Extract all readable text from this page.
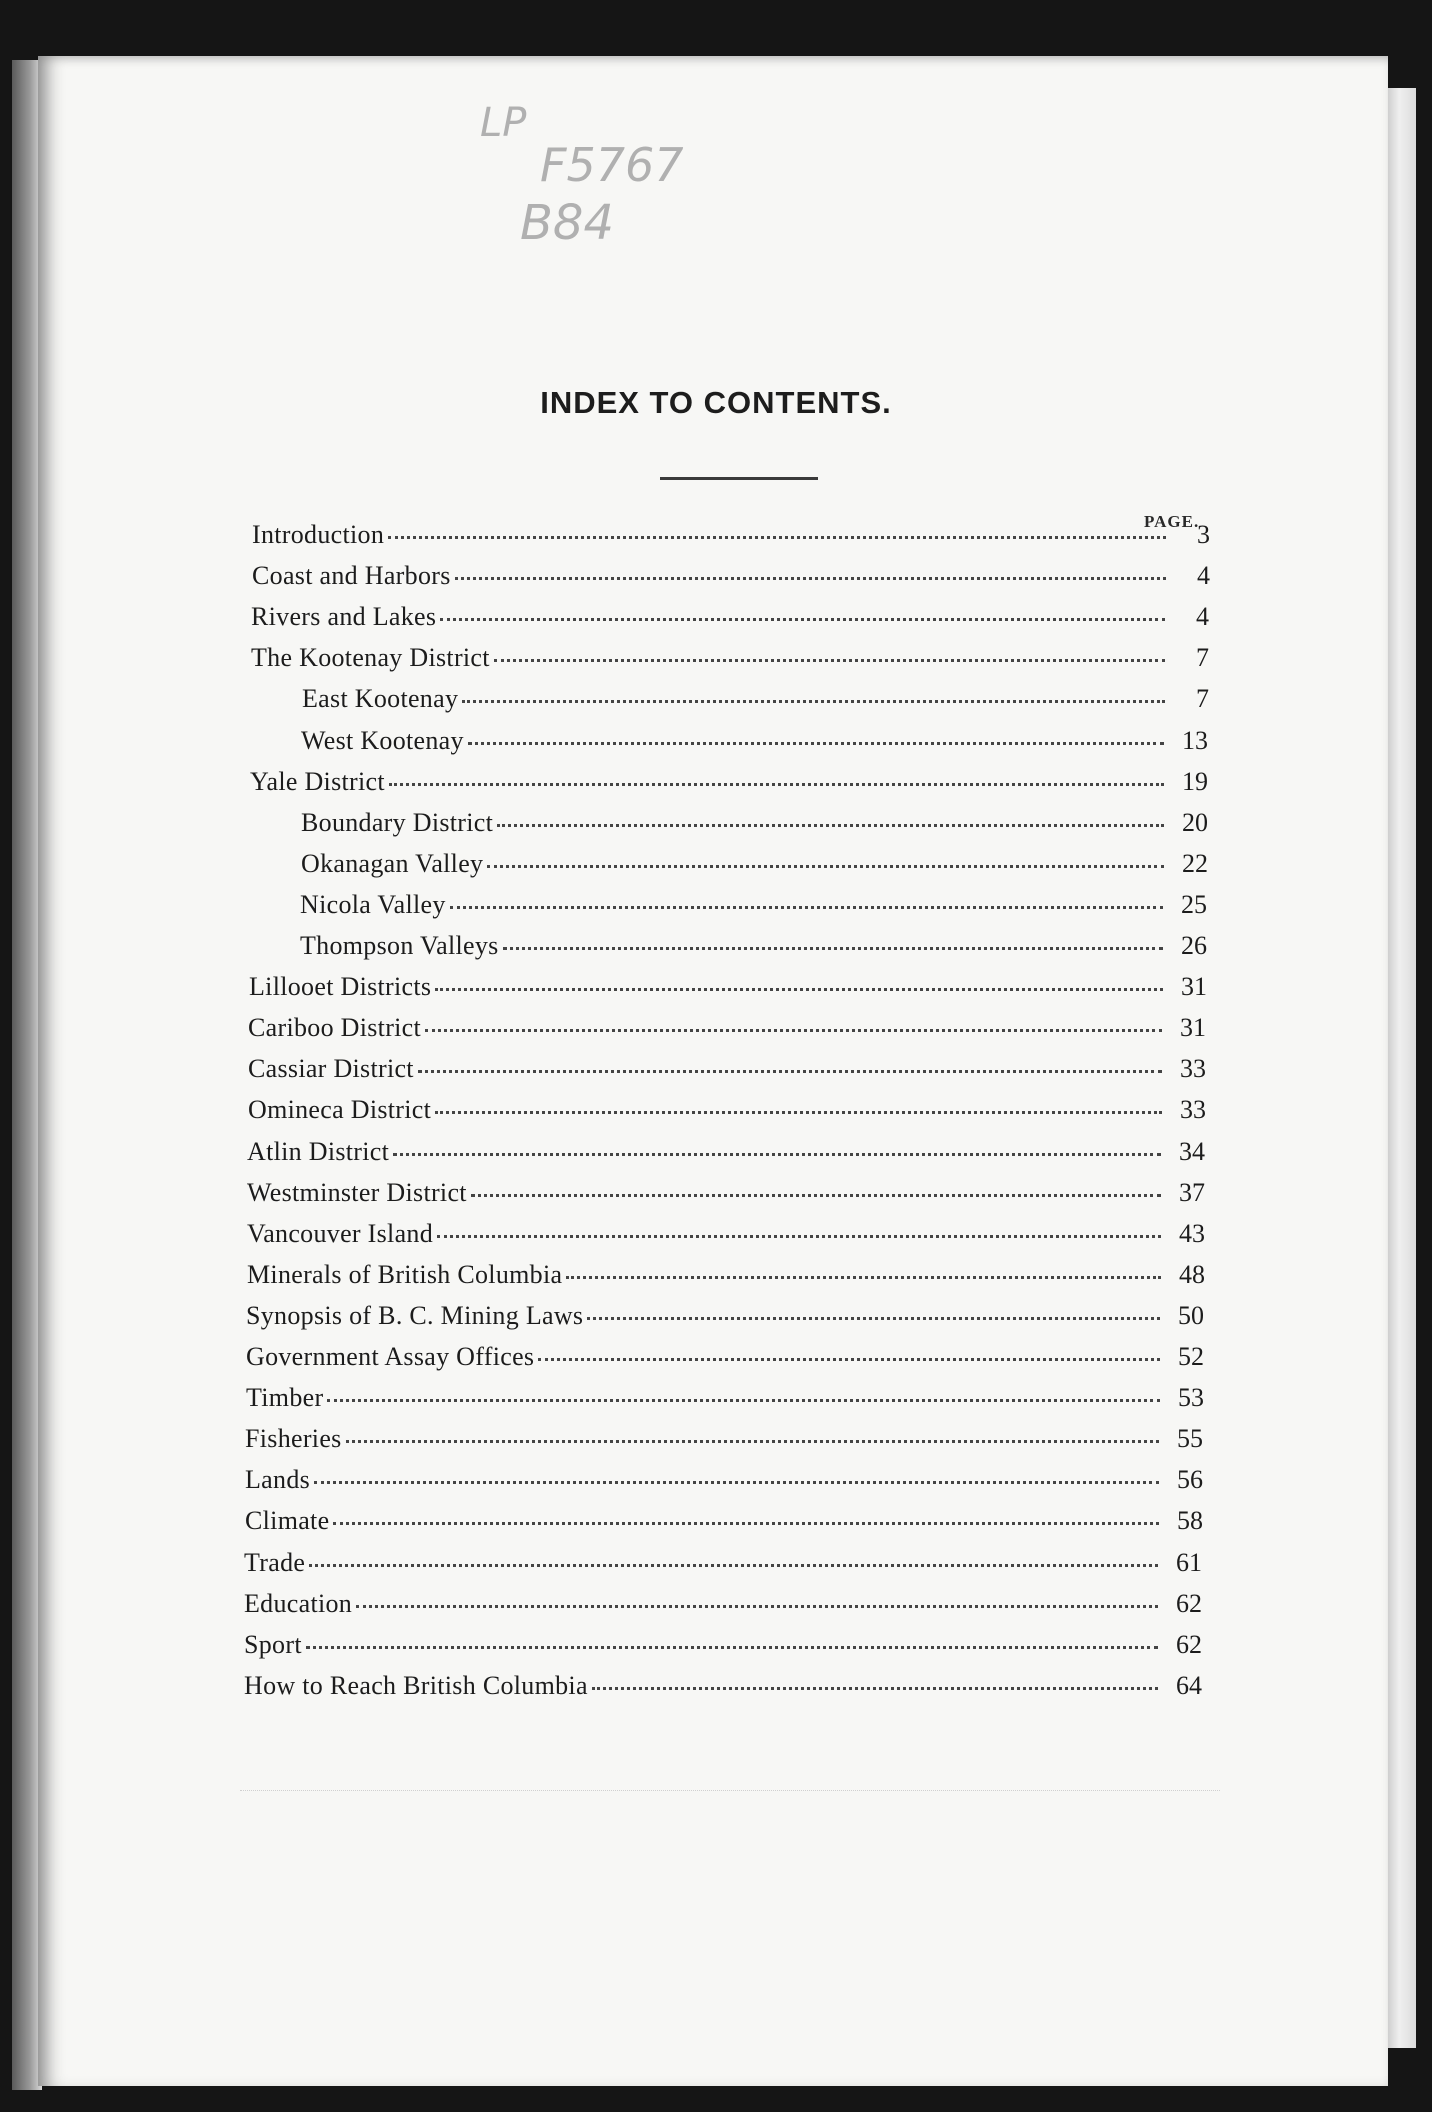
LP
F5767
B84
INDEX TO CONTENTS.
PAGE.
Introduction	3
Coast and Harbors	4
Rivers and Lakes	4
The Kootenay District	7
East Kootenay	7
West Kootenay	13
Yale District	19
Boundary District	20
Okanagan Valley	22
Nicola Valley	25
Thompson Valleys	26
Lillooet Districts	31
Cariboo District	31
Cassiar District	33
Omineca District	33
Atlin District	34
Westminster District	37
Vancouver Island	43
Minerals of British Columbia	48
Synopsis of B. C. Mining Laws	50
Government Assay Offices	52
Timber	53
Fisheries	55
Lands	56
Climate	58
Trade	61
Education	62
Sport	62
How to Reach British Columbia	64
